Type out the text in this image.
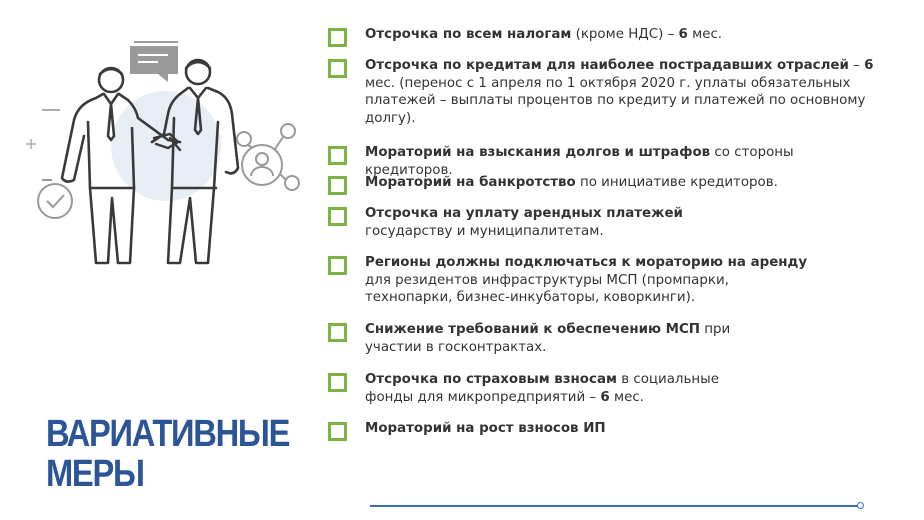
ВАРИАТИВНЫЕ
МЕРЫ
Отсрочка по всем налогам (кроме НДС) – 6 мес.
Отсрочка по кредитам для наиболее пострадавших отраслей – 6 мес. (перенос с 1 апреля по 1 октября 2020 г. уплаты обязательных платежей – выплаты процентов по кредиту и платежей по основному долгу).
Мораторий на взыскания долгов и штрафов со стороны кредиторов.
Мораторий на банкротство по инициативе кредиторов.
Отсрочка на уплату арендных платежей государству и муниципалитетам.
Регионы должны подключаться к мораторию на аренду для резидентов инфраструктуры МСП (промпарки, технопарки, бизнес-инкубаторы, коворкинги).
Снижение требований к обеспечению МСП при участии в госконтрактах.
Отсрочка по страховым взносам в социальные фонды для микропредприятий – 6 мес.
Мораторий на рост взносов ИП
